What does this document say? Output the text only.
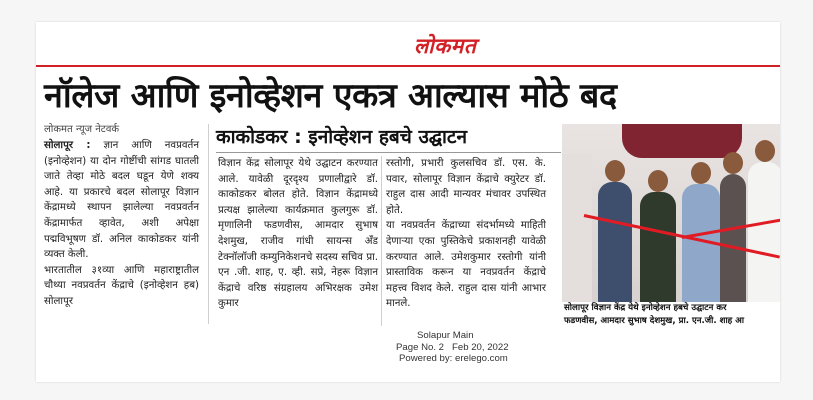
लोकमत
नॉलेज आणि इनोव्हेशन एकत्र आल्यास मोठे बद
लोकमत न्यूज नेटवर्क

सोलापूर : ज्ञान आणि नवप्रवर्तन (इनोव्हेशन) या दोन गोष्टींची सांगड घातली जाते तेव्हा मोठे बदल घडून येणे शक्य आहे. या प्रकारचे बदल सोलापूर विज्ञान केंद्रामध्ये स्थापन झालेल्या नवप्रवर्तन केंद्रामार्फत व्हावेत, अशी अपेक्षा पद्मविभूषण डॉ. अनिल काकोडकर यांनी व्यक्त केली.

भारतातील ३१व्या आणि महाराष्ट्रातील चौथ्या नवप्रवर्तन केंद्राचे (इनोव्हेशन हब) सोलापूर

काकोडकर : इनोव्हेशन हबचे उद्घाटन

विज्ञान केंद्र सोलापूर येथे उद्घाटन करण्यात आले. यावेळी दूरदृश्य प्रणालीद्वारे डॉ. काकोडकर बोलत होते. विज्ञान केंद्रामध्ये प्रत्यक्ष झालेल्या कार्यक्रमात कुलगुरू डॉ. मृणालिनी फडणवीस, आमदार सुभाष देशमुख, राजीव गांधी सायन्स अँड टेक्नॉलॉजी कम्युनिकेशनचे सदस्य सचिव प्रा. एन .जी. शाह, ए. व्ही. सप्रे, नेहरू विज्ञान केंद्राचे वरिष्ठ संग्रहालय अभिरक्षक उमेश कुमार

रस्तोगी, प्रभारी कुलसचिव डॉ. एस. के. पवार, सोलापूर विज्ञान केंद्राचे क्युरेटर डॉ. राहुल दास आदी मान्यवर मंचावर उपस्थित होते.

या नवप्रवर्तन केंद्राच्या संदर्भामध्ये माहिती देणाऱ्या एका पुस्तिकेचे प्रकाशनही यावेळी करण्यात आले. उमेशकुमार रस्तोगी यांनी प्रास्ताविक करून या नवप्रवर्तन केंद्राचे महत्त्व विशद केले. राहुल दास यांनी आभार मानले.	सोलापूर विज्ञान केंद्र येथे इनोव्हेशन हबचे उद्घाटन कर
फडणवीस, आमदार सुभाष देशमुख, प्रा. एन.जी. शाह आ
Solapur Main
Page No. 2 Feb 20, 2022
Powered by: erelego.com
